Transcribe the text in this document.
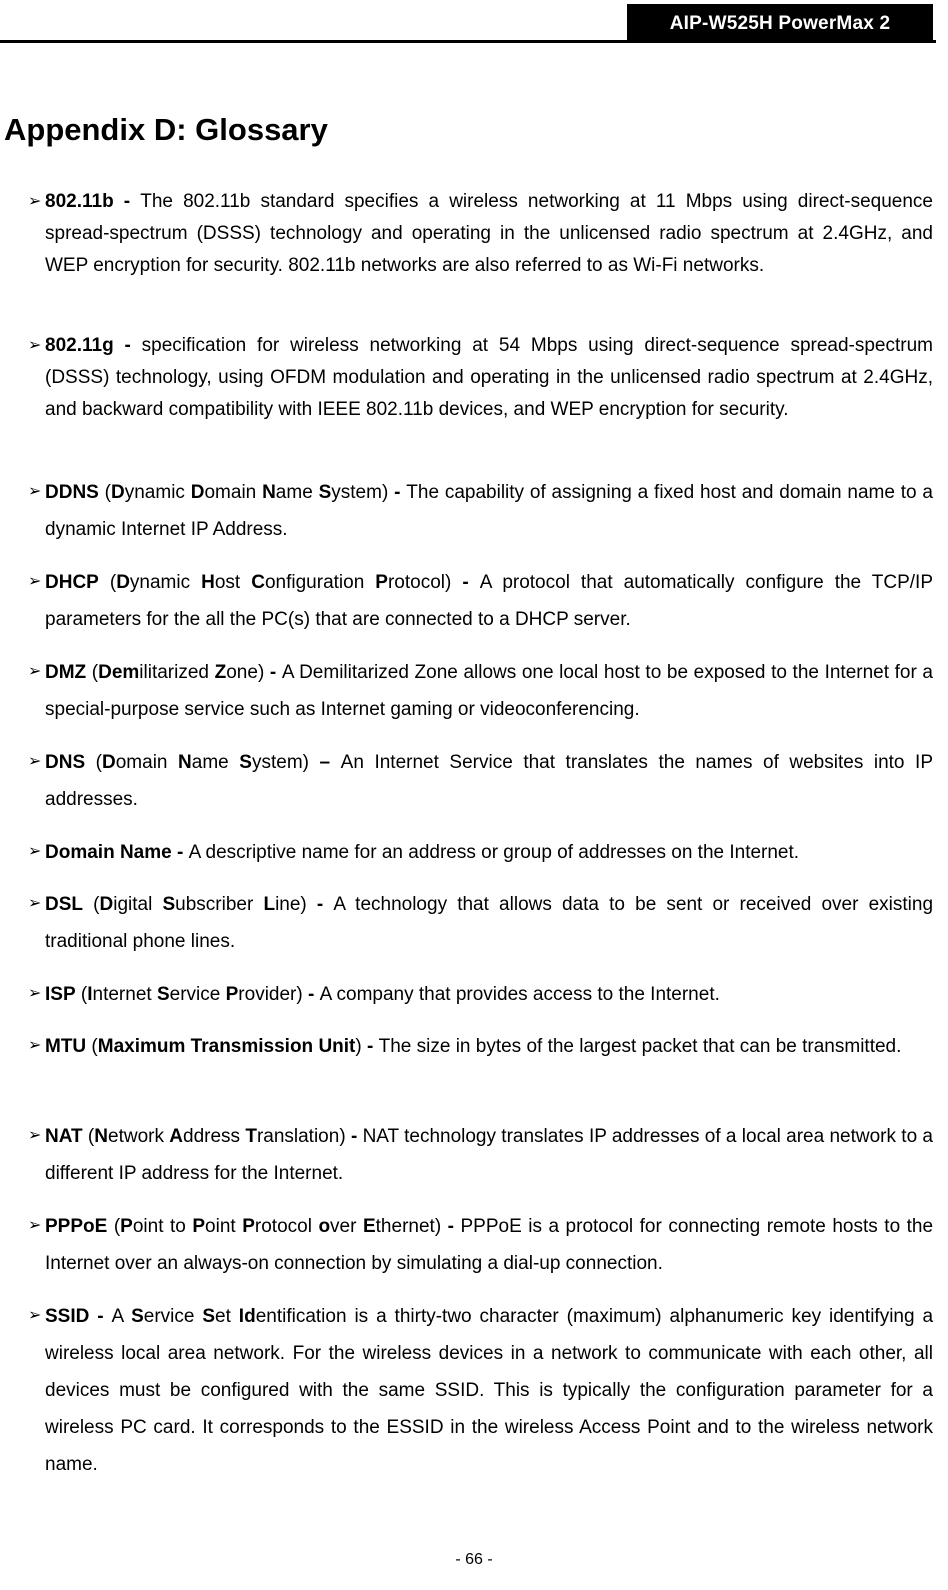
AIP-W525H PowerMax 2
Appendix D: Glossary
➢ 802.11b - The 802.11b standard specifies a wireless networking at 11 Mbps using direct-sequence spread-spectrum (DSSS) technology and operating in the unlicensed radio spectrum at 2.4GHz, and WEP encryption for security. 802.11b networks are also referred to as Wi-Fi networks.

➢ 802.11g - specification for wireless networking at 54 Mbps using direct-sequence spread-spectrum (DSSS) technology, using OFDM modulation and operating in the unlicensed radio spectrum at 2.4GHz, and backward compatibility with IEEE 802.11b devices, and WEP encryption for security.

➢ DDNS (Dynamic Domain Name System) - The capability of assigning a fixed host and domain name to a dynamic Internet IP Address.

➢ DHCP (Dynamic Host Configuration Protocol) - A protocol that automatically configure the TCP/IP parameters for the all the PC(s) that are connected to a DHCP server.

➢ DMZ (Demilitarized Zone) - A Demilitarized Zone allows one local host to be exposed to the Internet for a special-purpose service such as Internet gaming or videoconferencing.

➢ DNS (Domain Name System) – An Internet Service that translates the names of websites into IP addresses.

➢ Domain Name - A descriptive name for an address or group of addresses on the Internet.

➢ DSL (Digital Subscriber Line) - A technology that allows data to be sent or received over existing traditional phone lines.

➢ ISP (Internet Service Provider) - A company that provides access to the Internet.

➢ MTU (Maximum Transmission Unit) - The size in bytes of the largest packet that can be transmitted.

➢ NAT (Network Address Translation) - NAT technology translates IP addresses of a local area network to a different IP address for the Internet.

➢ PPPoE (Point to Point Protocol over Ethernet) - PPPoE is a protocol for connecting remote hosts to the Internet over an always-on connection by simulating a dial-up connection.

➢ SSID - A Service Set Identification is a thirty-two character (maximum) alphanumeric key identifying a wireless local area network. For the wireless devices in a network to communicate with each other, all devices must be configured with the same SSID. This is typically the configuration parameter for a wireless PC card. It corresponds to the ESSID in the wireless Access Point and to the wireless network name.

- 66 -
